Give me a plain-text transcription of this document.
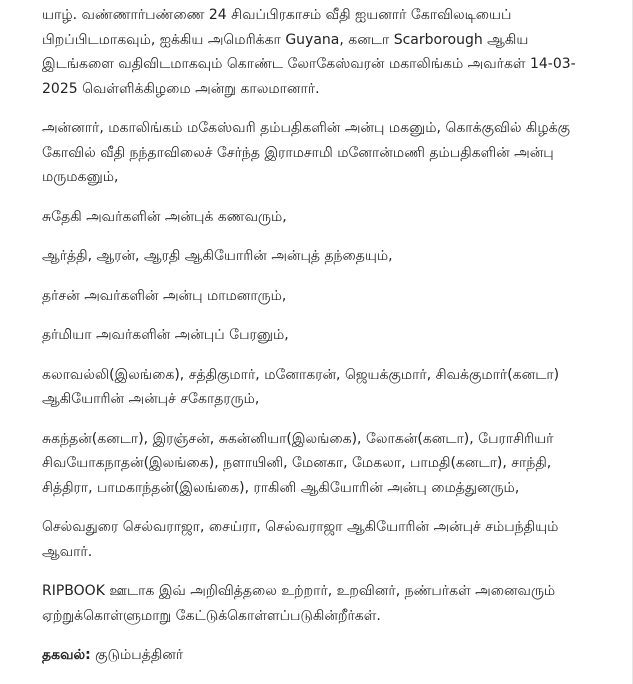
யாழ். வண்ணார்பண்ணை 24 சிவப்பிரகாசம் வீதி ஐயனார் கோவிலடியைப் பிறப்பிடமாகவும், ஐக்கிய அமெரிக்கா Guyana, கனடா Scarborough ஆகிய இடங்களை வதிவிடமாகவும் கொண்ட லோகேஸ்வரன் மகாலிங்கம் அவர்கள் 14-03-2025 வெள்ளிக்கிழமை அன்று காலமானார்.

அன்னார், மகாலிங்கம் மகேஸ்வரி தம்பதிகளின் அன்பு மகனும், கொக்குவில் கிழக்கு கோவில் வீதி நந்தாவிலைச் சேர்ந்த இராமசாமி மனோன்மணி தம்பதிகளின் அன்பு மருமகனும்,

சுதேகி அவர்களின் அன்புக் கணவரும்,

ஆர்த்தி, ஆரன், ஆரதி ஆகியோரின் அன்புத் தந்தையும்,

தர்சன் அவர்களின் அன்பு மாமனாரும்,

தர்மியா அவர்களின் அன்புப் பேரனும்,

கலாவல்லி(இலங்கை), சத்திகுமார், மனோகரன், ஜெயக்குமார், சிவக்குமார்(கனடா) ஆகியோரின் அன்புச் சகோதரரும்,

சுகந்தன்(கனடா), இரஞ்சன், சுகன்னியா(இலங்கை), லோகன்(கனடா), பேராசிரியர் சிவயோகநாதன்(இலங்கை), நளாயினி, மேனகா, மேகலா, பாமதி(கனடா), சாந்தி, சித்திரா, பாமகாந்தன்(இலங்கை), ராகினி ஆகியோரின் அன்பு மைத்துனரும்,

செல்வதுரை செல்வராஜா, சைய்ரா, செல்வராஜா ஆகியோரின் அன்புச் சம்பந்தியும் ஆவார்.

RIPBOOK ஊடாக இவ் அறிவித்தலை உற்றார், உறவினர், நண்பர்கள் அனைவரும் ஏற்றுக்கொள்ளுமாறு கேட்டுக்கொள்ளப்படுகின்றீர்கள்.

தகவல்: குடும்பத்தினர்
